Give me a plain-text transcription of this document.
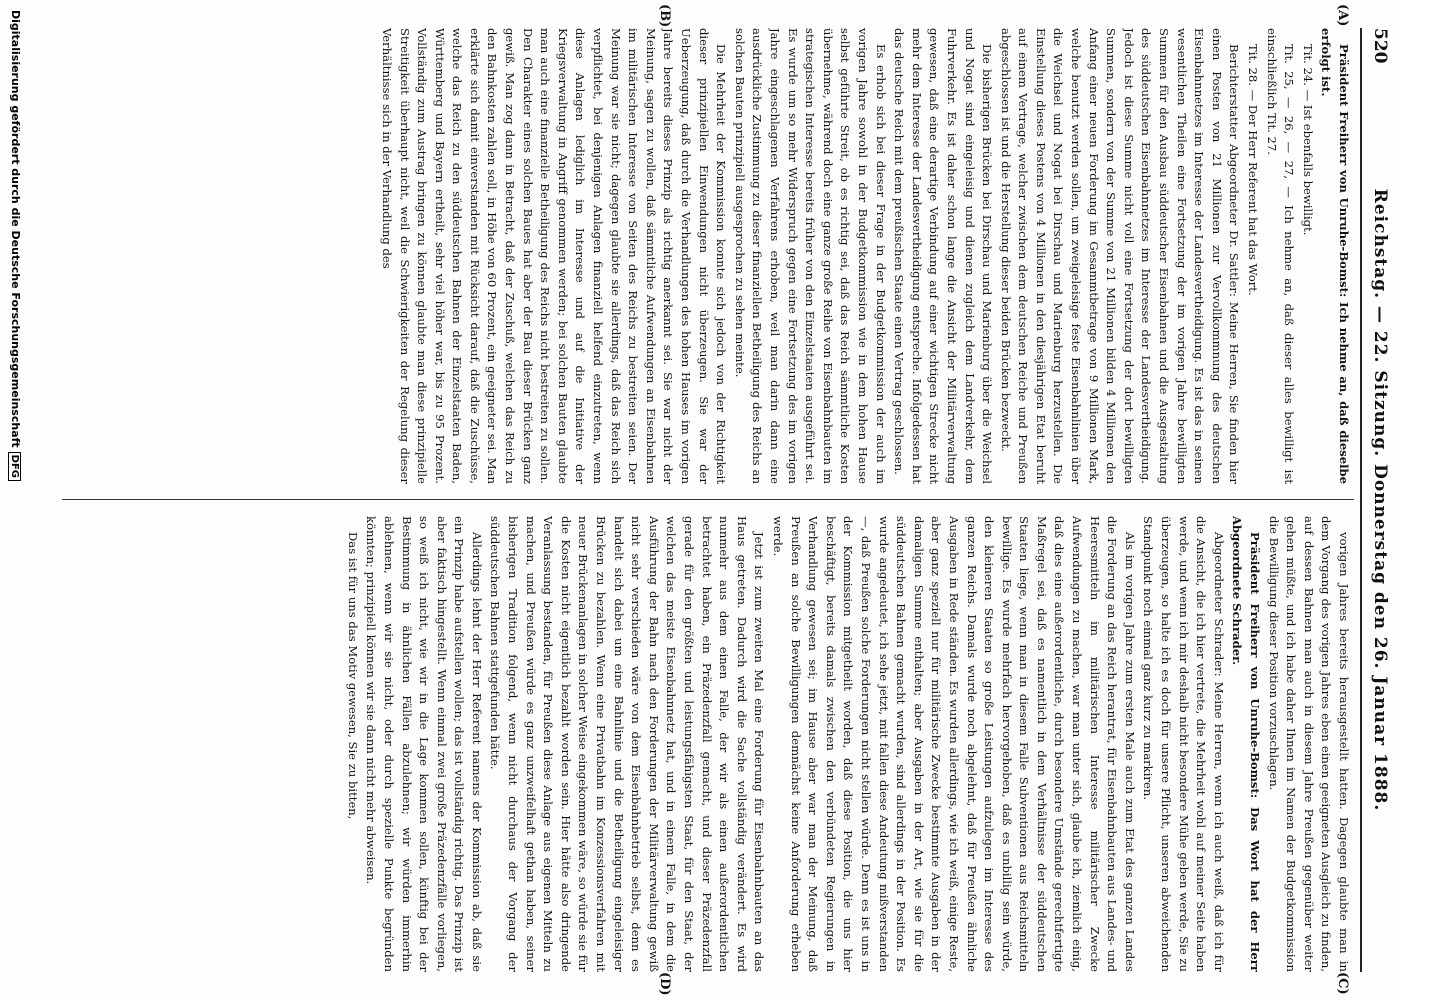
520
Reichstag. — 22. Sitzung. Donnerstag den 26. Januar 1888.

Präsident Freiherr von Unruhe-Bomst: Ich nehme an, daß dieselbe erfolgt ist.

Tit. 24. — Ist ebenfalls bewilligt.

Tit. 25, — 26, — 27, — Ich nehme an, daß dieser alles bewilligt ist einschließlich Tit. 27.

Tit. 28. — Der Herr Referent hat das Wort.

Berichterstatter Abgeordneter Dr. Sattler: Meine Herren, Sie finden hier einen Posten von 21 Millionen zur Vervollkommnung des deutschen Eisenbahnnetzes im Interesse der Landesvertheidigung. Es ist das in seinen wesentlichen Theilen eine Fortsetzung der im vorigen Jahre bewilligten Summen für den Ausbau süddeutscher Eisenbahnen und die Ausgestaltung des süddeutschen Eisenbahnnetzes im Interesse der Landesvertheidigung. Jedoch ist diese Summe nicht voll eine Fortsetzung der dort bewilligten Summen, sondern von der Summe von 21 Millionen bilden 4 Millionen den Anfang einer neuen Forderung im Gesammtbetrage von 9 Millionen Mark, welche benutzt werden sollen, um zweigeleisige feste Eisenbahnlinien über die Weichsel und Nogat bei Dirschau und Marienburg herzustellen. Die Einstellung dieses Postens von 4 Millionen in den diesjährigen Etat beruht auf einem Vertrage, welcher zwischen dem deutschen Reiche und Preußen abgeschlossen ist und die Herstellung dieser beiden Brücken bezweckt.

Die bisherigen Brücken bei Dirschau und Marienburg über die Weichsel und Nogat sind eingeleisig und dienen zugleich dem Landverkehr, dem Fuhrverkehr. Es ist daher schon lange die Ansicht der Militärverwaltung gewesen, daß eine derartige Verbindung auf einer wichtigen Strecke nicht mehr dem Interesse der Landesvertheidigung entspreche. Infolgedessen hat das deutsche Reich mit dem preußischen Staate einen Vertrag geschlossen.

Es erhob sich bei dieser Frage in der Budgetkommission der auch im vorigen Jahre sowohl in der Budgetkommission wie in dem hohen Hause selbst geführte Streit, ob es richtig sei, daß das Reich sämmtliche Kosten übernehme, während doch eine ganze große Reihe von Eisenbahnbauten im strategischen Interesse bereits früher von den Einzelstaaten ausgeführt sei. Es wurde um so mehr Widerspruch gegen eine Fortsetzung des im vorigen Jahre eingeschlagenen Verfahrens erhoben, weil man darin dann eine ausdrückliche Zustimmung zu dieser finanziellen Betheiligung des Reichs an solchen Bauten prinzipiell ausgesprochen zu sehen meinte.

Die Mehrheit der Kommission konnte sich jedoch von der Richtigkeit dieser prinzipiellen Einwendungen nicht überzeugen. Sie war der Ueberzeugung, daß durch die Verhandlungen des hohen Hauses im vorigen Jahre bereits dieses Prinzip als richtig anerkannt sei. Sie war nicht der Meinung, sagen zu wollen, daß sämmtliche Aufwendungen an Eisenbahnen im militärischen Interesse von Seiten des Reichs zu bestreiten seien. Der Meinung war sie nicht; dagegen glaubte sie allerdings, daß das Reich sich verpflichtet, bei denjenigen Anlagen finanziell helfend einzutreten, wenn diese Anlagen lediglich im Interesse und auf die Initiative der Kriegsverwaltung in Angriff genommen werden; bei solchen Bauten glaubte man auch eine finanzielle Betheiligung des Reichs nicht bestreiten zu sollen. Den Charakter eines solchen Baues hat aber der Bau dieser Brücken ganz gewiß. Man zog dann in Betracht, daß der Zuschuß, welchen das Reich zu den Bahnkosten zahlen soll, in Höhe von 60 Prozent, ein geeigneter sei. Man erklärte sich damit einverstanden mit Rücksicht darauf, daß die Zuschüsse, welche das Reich zu den süddeutschen Bahnen der Einzelstaaten Baden, Württemberg und Bayern ertheilt, sehr viel höher war, bis zu 95 Prozent. Vollständig zum Austrag bringen zu können glaubte man diese prinzipielle Streitigkeit überhaupt nicht, weil die Schwierigkeiten der Regelung dieser Verhältnisse sich in der Verhandlung des

vorigen Jahres bereits herausgestellt hatten. Dagegen glaubte man in dem Vorgang des vorigen Jahres eben einen geeigneten Ausgleich zu finden, auf dessen Bahnen man auch in diesem Jahre Preußen gegenüber weiter gehen müßte, und ich habe daher Ihnen im Namen der Budgetkommission die Bewilligung dieser Position vorzuschlagen.

Präsident Freiherr von Unruhe-Bomst: Das Wort hat der Herr Abgeordnete Schrader.

Abgeordneter Schrader: Meine Herren, wenn ich auch weiß, daß ich für die Ansicht, die ich hier vertrete, die Mehrheit wohl auf meiner Seite haben werde, und wenn ich mir deshalb nicht besondere Mühe geben werde, Sie zu überzeugen, so halte ich es doch für unsere Pflicht, unseren abweichenden Standpunkt noch einmal ganz kurz zu markiren.

Als im vorigen Jahre zum ersten Male auch zum Etat des ganzen Landes die Forderung an das Reich herantrat, für Eisenbahnbauten aus Landes- und Heeresmitteln im militärischen Interesse militärischer Zwecke Aufwendungen zu machen, war man unter sich, glaube ich, ziemlich einig, daß dies eine außerordentliche, durch besondere Umstände gerechtfertigte Maßregel sei, daß es namentlich in dem Verhältnisse der süddeutschen Staaten liege, wenn man in diesem Falle Subventionen aus Reichsmitteln bewillige. Es wurde mehrfach hervorgehoben, daß es unbillig sein würde, den kleineren Staaten so große Leistungen aufzulegen im Interesse des ganzen Reichs. Damals wurde noch abgelehnt, daß für Preußen ähnliche Ausgaben in Rede ständen. Es wurden allerdings, wie ich weiß, einige Reste, aber ganz speziell nur für militärische Zwecke bestimmte Ausgaben in der damaligen Summe enthalten; aber Ausgaben in der Art, wie sie für die süddeutschen Bahnen gemacht wurden, sind allerdings in der Position. Es wurde angedeutet, ich sehe jetzt, mit fallen diese Andeutung mißverstanden —, daß Preußen solche Forderungen nicht stellen würde. Denn es ist uns in der Kommission mitgetheilt worden, daß diese Position, die uns hier beschäftigt, bereits damals zwischen den verbündeten Regierungen in Verhandlung gewesen sei; im Hause aber war man der Meinung, daß Preußen an solche Bewilligungen demnächst keine Anforderung erheben werde.

Jetzt ist zum zweiten Mal eine Forderung für Eisenbahnbauten an das Haus getreten. Dadurch wird die Sache vollständig verändert. Es wird nunmehr aus dem einen Falle, der wir als einen außerordentlichen betrachtet haben, ein Präzedenzfall gemacht, und dieser Präzedenzfall gerade für den größten und leistungsfähigsten Staat, für den Staat, der welchen das meiste Eisenbahnnetz hat, und in einem Falle, in dem die Ausführung der Bahn nach den Forderungen der Militärverwaltung gewiß nicht sehr verschieden wäre von dem Eisenbahnbetrieb selbst, denn es handelt sich dabei um eine Bahnlinie und die Betheiligung eingeleisiger Brücken zu bezahlen. Wenn eine Privatbahn im Konzessionsverfahren mit neuer Brückenanlagen in solcher Weise eingekommen wäre, so würde sie für die Kosten nicht eigentlich bezahlt worden sein. Hier hätte also dringende Veranlassung bestanden, für Preußen diese Anlage aus eigenen Mitteln zu machen, und Preußen würde es ganz unzweifelhaft gethan haben, seiner bisherigen Tradition folgend, wenn nicht durchaus der Vorgang der süddeutschen Bahnen stattgefunden hätte.

Allerdings lehnt der Herr Referent namens der Kommission ab, daß sie ein Prinzip habe aufstellen wollen; das ist vollständig richtig. Das Prinzip ist aber faktisch hingestellt. Wenn einmal zwei große Präzedenzfälle vorliegen, so weiß ich nicht, wie wir in die Lage kommen sollen, künftig bei der Bestimmung in ähnlichen Fällen abzulehnen; wir würden immerhin ablehnen, wenn wir sie nicht, oder durch spezielle Punkte begründen könnten; prinzipiell können wir sie dann nicht mehr abweisen.

Das ist für uns das Motiv gewesen, Sie zu bitten,

(A)
(B)
(C)
(D)
Digitalisierung gefördert durch die Deutsche ForschungsgemeinschaftDFG
